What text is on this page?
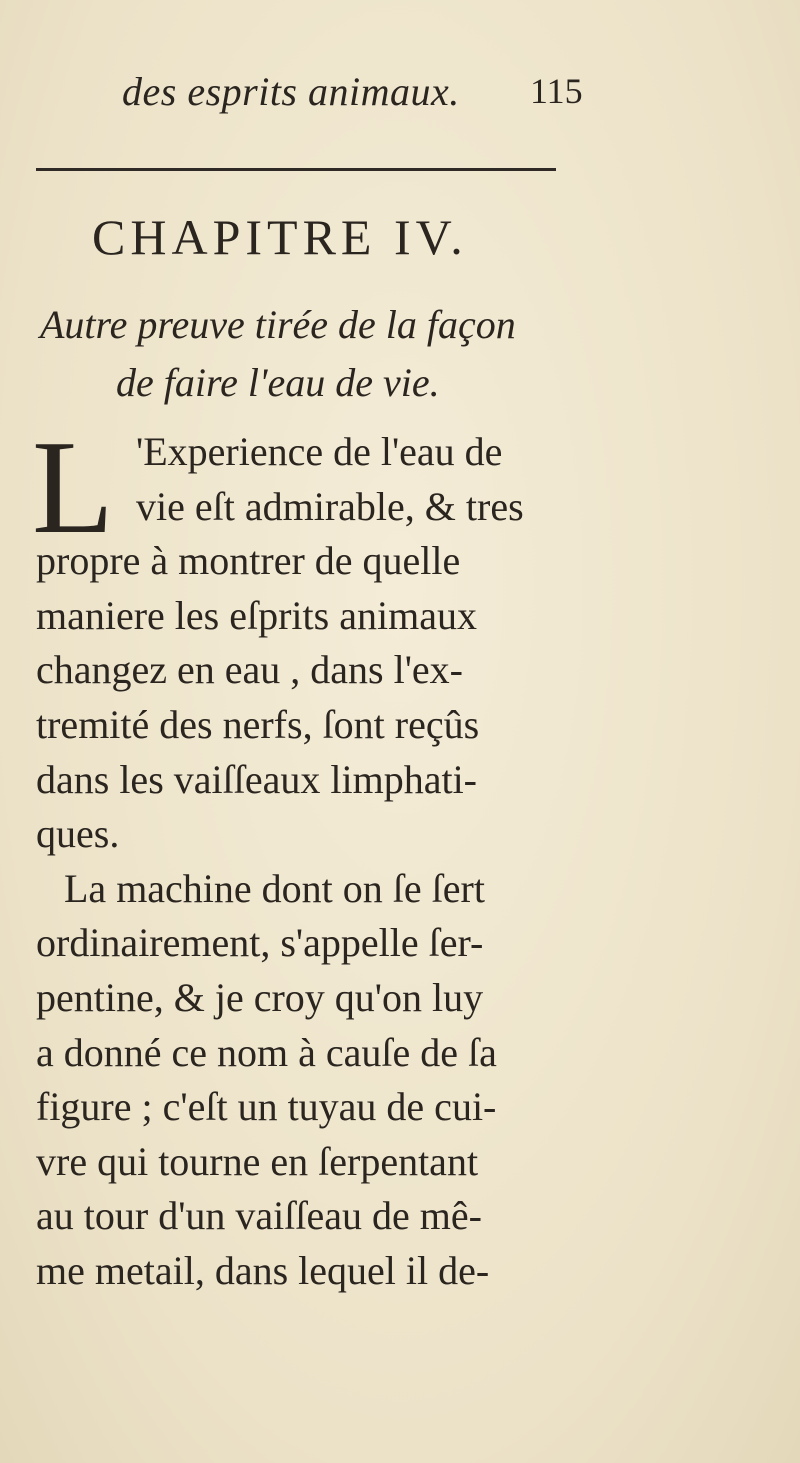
des esprits animaux. 115
CHAPITRE IV.
Autre preuve tirée de la façon
de faire l'eau de vie.
L 'Experience de l'eau de
vie eſt admirable, & tres
propre à montrer de quelle
maniere les eſprits animaux
changez en eau , dans l'ex-
tremité des nerfs, ſont reçûs
dans les vaiſſeaux limphati-
ques.
La machine dont on ſe ſert
ordinairement, s'appelle ſer-
pentine, & je croy qu'on luy
a donné ce nom à cauſe de ſa
figure ; c'eſt un tuyau de cui-
vre qui tourne en ſerpentant
au tour d'un vaiſſeau de mê-
me metail, dans lequel il de-
